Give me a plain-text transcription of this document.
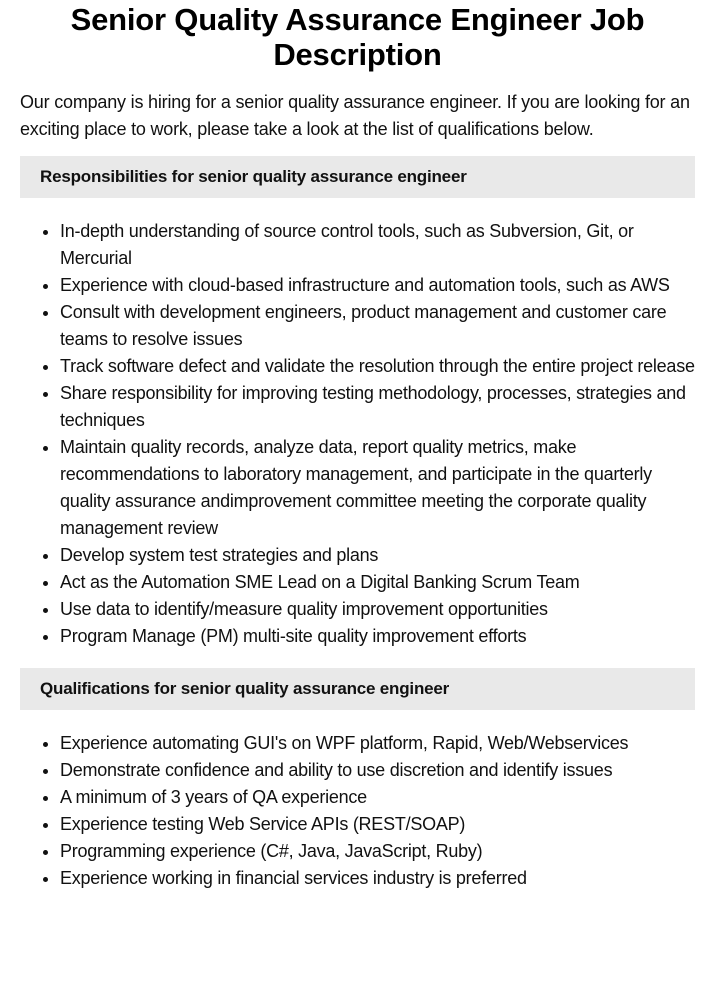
Senior Quality Assurance Engineer Job Description

Our company is hiring for a senior quality assurance engineer. If you are looking for an exciting place to work, please take a look at the list of qualifications below.

Responsibilities for senior quality assurance engineer
In-depth understanding of source control tools, such as Subversion, Git, or Mercurial
Experience with cloud-based infrastructure and automation tools, such as AWS
Consult with development engineers, product management and customer care teams to resolve issues
Track software defect and validate the resolution through the entire project release
Share responsibility for improving testing methodology, processes, strategies and techniques
Maintain quality records, analyze data, report quality metrics, make recommendations to laboratory management, and participate in the quarterly quality assurance andimprovement committee meeting the corporate quality management review
Develop system test strategies and plans
Act as the Automation SME Lead on a Digital Banking Scrum Team
Use data to identify/measure quality improvement opportunities
Program Manage (PM) multi-site quality improvement efforts
Qualifications for senior quality assurance engineer
Experience automating GUI's on WPF platform, Rapid, Web/Webservices
Demonstrate confidence and ability to use discretion and identify issues
A minimum of 3 years of QA experience
Experience testing Web Service APIs (REST/SOAP)
Programming experience (C#, Java, JavaScript, Ruby)
Experience working in financial services industry is preferred
